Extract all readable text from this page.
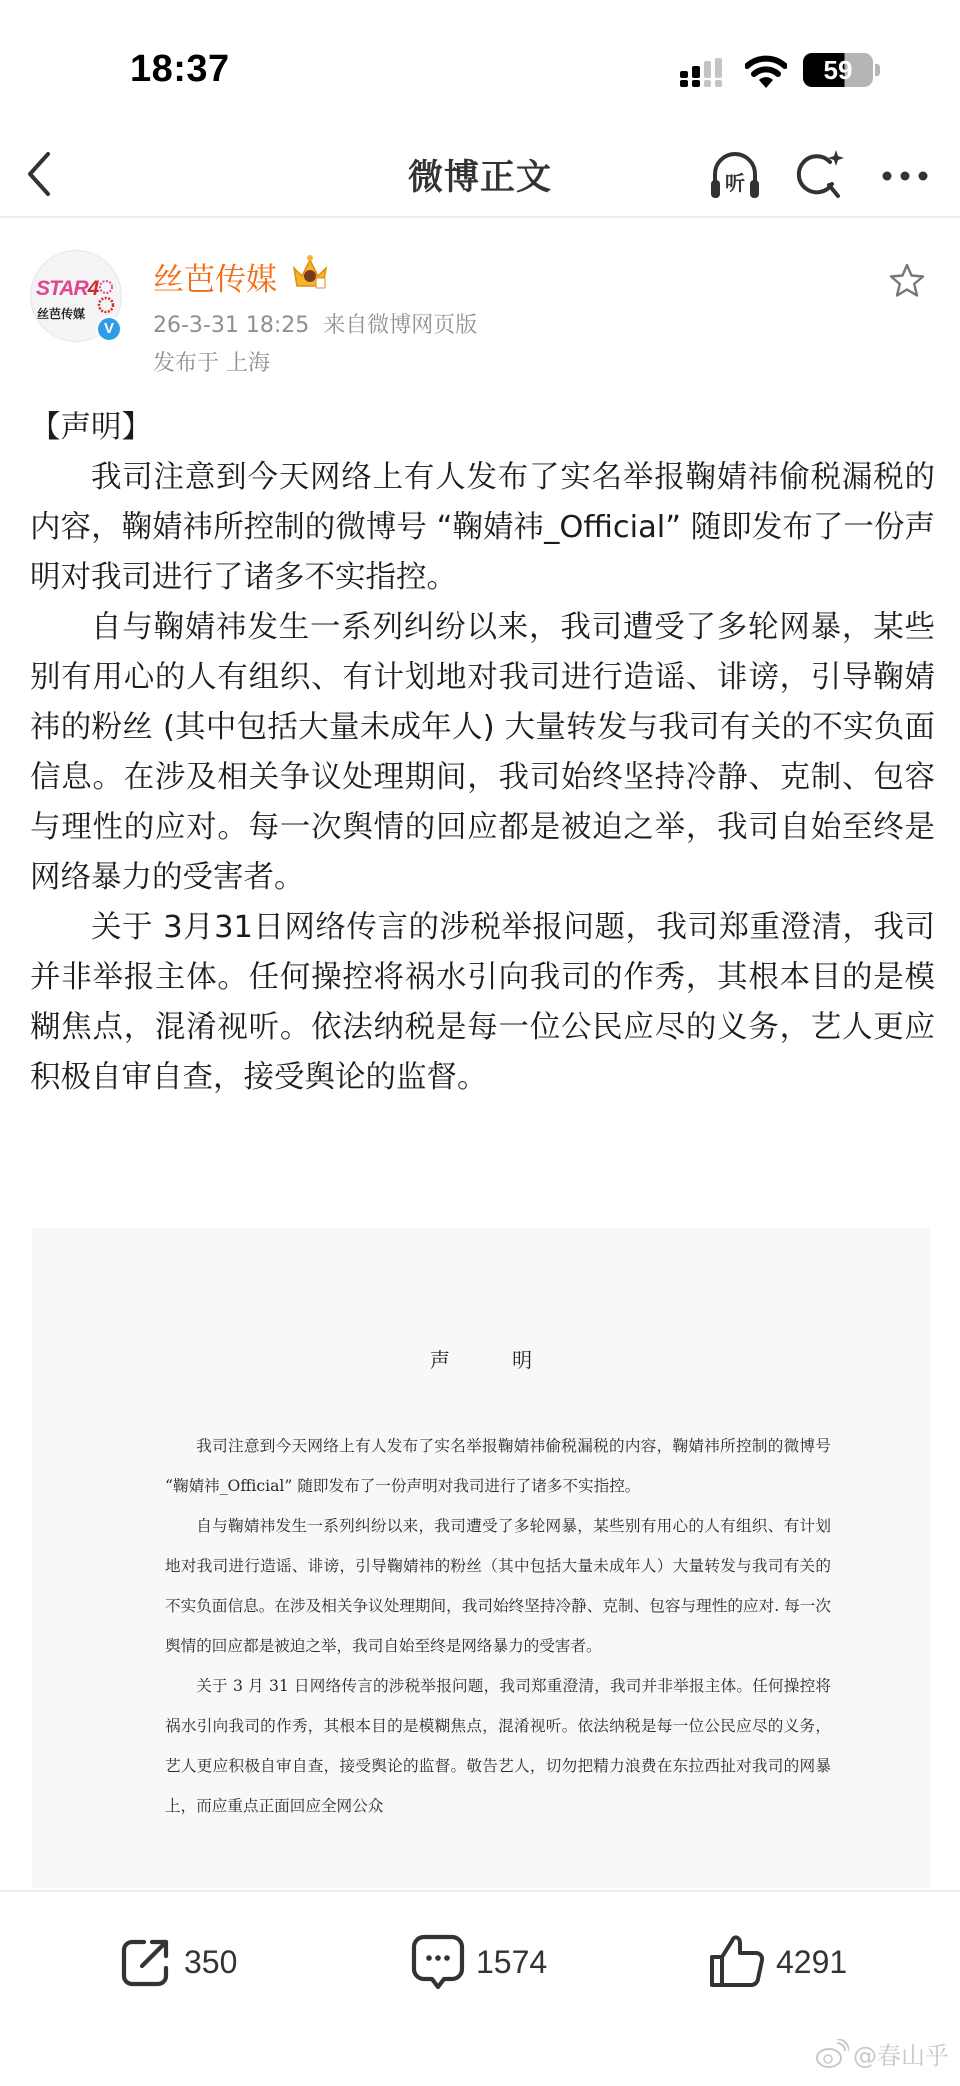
18:37	59
微博正文	听
STAR4
丝芭传媒
V
丝芭传媒
26-3-31 18:25 来自微博网页版
发布于 上海

【声明】

我司注意到今天网络上有人发布了实名举报鞠婧祎偷税漏税的内容，鞠婧祎所控制的微博号 “鞠婧祎_Official” 随即发布了一份声明对我司进行了诸多不实指控。

自与鞠婧祎发生一系列纠纷以来，我司遭受了多轮网暴，某些别有用心的人有组织、有计划地对我司进行造谣、诽谤，引导鞠婧祎的粉丝 (其中包括大量未成年人) 大量转发与我司有关的不实负面信息。在涉及相关争议处理期间，我司始终坚持冷静、克制、包容与理性的应对。每一次舆情的回应都是被迫之举，我司自始至终是网络暴力的受害者。

关于 3月31日网络传言的涉税举报问题，我司郑重澄清，我司并非举报主体。任何操控将祸水引向我司的作秀，其根本目的是模糊焦点，混淆视听。依法纳税是每一位公民应尽的义务，艺人更应积极自审自查，接受舆论的监督。

声 明

我司注意到今天网络上有人发布了实名举报鞠婧祎偷税漏税的内容，鞠婧祎所控制的微博号 “鞠婧祎_Official” 随即发布了一份声明对我司进行了诸多不实指控。

自与鞠婧祎发生一系列纠纷以来，我司遭受了多轮网暴，某些别有用心的人有组织、有计划地对我司进行造谣、诽谤，引导鞠婧祎的粉丝（其中包括大量未成年人）大量转发与我司有关的不实负面信息。在涉及相关争议处理期间，我司始终坚持冷静、克制、包容与理性的应对. 每一次舆情的回应都是被迫之举，我司自始至终是网络暴力的受害者。

关于 3 月 31 日网络传言的涉税举报问题，我司郑重澄清，我司并非举报主体。任何操控将祸水引向我司的作秀，其根本目的是模糊焦点，混淆视听。依法纳税是每一位公民应尽的义务，艺人更应积极自审自查，接受舆论的监督。敬告艺人，切勿把精力浪费在东拉西扯对我司的网暴上，而应重点正面回应全网公众

350	1574	4291
@春山乎
